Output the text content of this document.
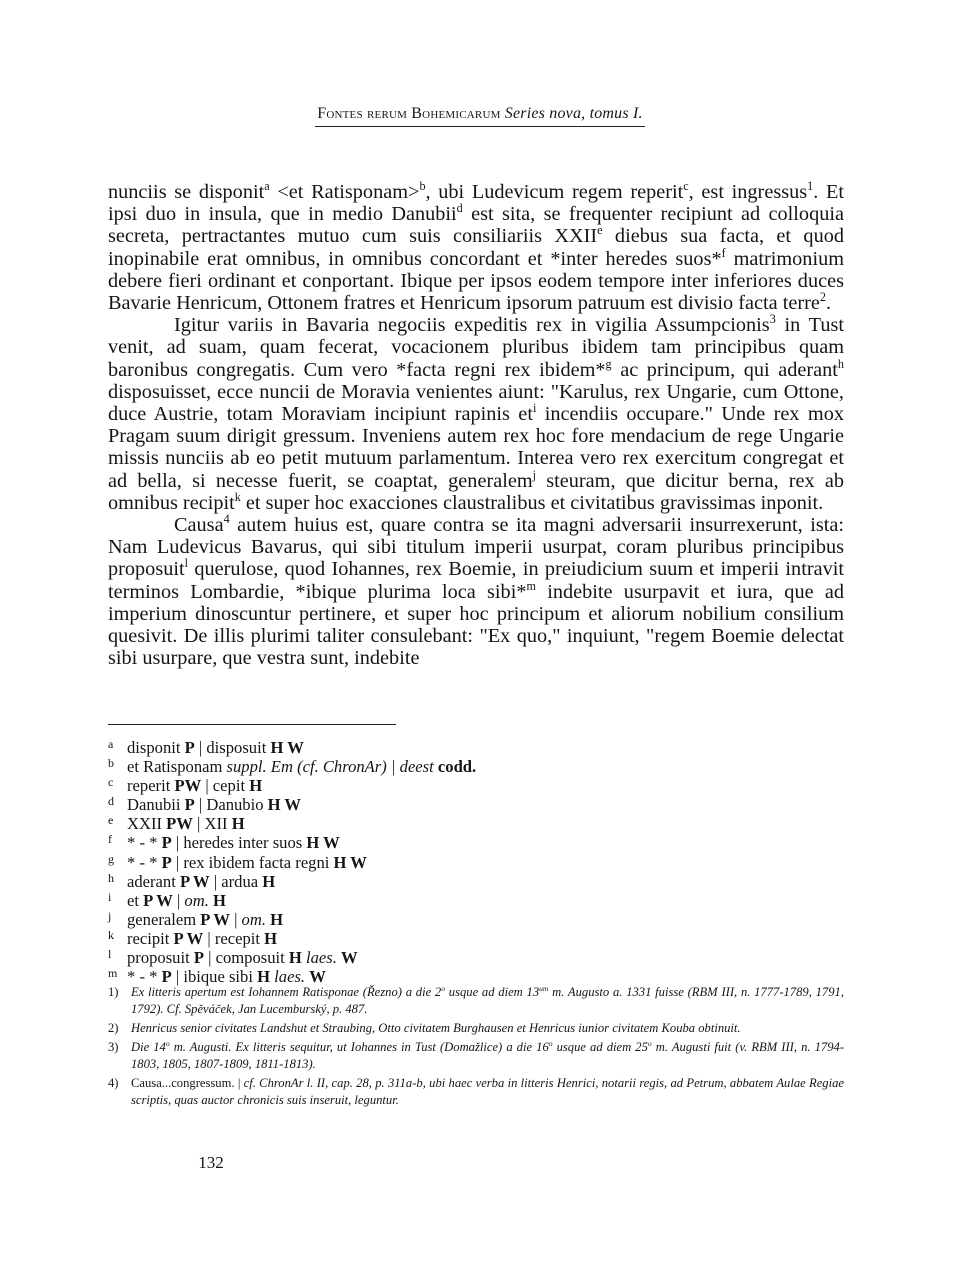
Fontes rerum Bohemicarum Series nova, tomus I.

nunciis se disponit$^a$ <et Ratisponam>$^b$, ubi Ludevicum regem reperit$^c$, est ingressus$^1$. Et ipsi duo in insula, que in medio Danubii$^d$ est sita, se frequenter recipiunt ad colloquia secreta, pertractantes mutuo cum suis consiliariis XXIIe diebus sua facta, et quod inopinabile erat omnibus, in omnibus concordant et *inter heredes suos*$^f$ matrimonium debere fieri ordinant et conportant. Ibique per ipsos eodem tempore inter inferiores duces Bavarie Henricum, Ottonem fratres et Henricum ipsorum patruum est divisio facta terre$^2$.

Igitur variis in Bavaria negociis expeditis rex in vigilia Assumpcionis$^3$ in Tust venit, ad suam, quam fecerat, vocacionem pluribus ibidem tam principibus quam baronibus congregatis. Cum vero *facta regni rex ibidem*$^g$ ac principum, qui aderant$^h$ disposuisset, ecce nuncii de Moravia venientes aiunt: "Karulus, rex Ungarie, cum Ottone, duce Austrie, totam Moraviam incipiunt rapinis $et^i$ incendiis occupare." Unde rex mox Pragam suum dirigit gressum. Inveniens autem rex hoc fore mendacium de rege Ungarie missis nunciis ab eo petit mutuum parlamentum. Interea vero rex exercitum congregat et ad bella, si necesse fuerit, se coaptat, generalem$^j$ steuram, que dicitur berna, rex ab omnibus recipit$^k$ et super hoc exacciones claustralibus et civitatibus gravissimas inponit.

Causa$^4$ autem huius est, quare contra se ita magni adversarii insurrexerunt, ista: Nam Ludevicus Bavarus, qui sibi titulum imperii usurpat, coram pluribus principibus proposuit$^l$ querulose, quod Iohannes, rex Boemie, in preiudicium suum et imperii intravit terminos Lombardie, *ibique plurima loca sibi*$^m$ indebite usurpavit et iura, que ad imperium dinoscuntur pertinere, et super hoc principum et aliorum nobilium consilium quesivit. De illis plurimi taliter consulebant: "Ex quo," inquiunt, "regem Boemie delectat sibi usurpare, que vestra sunt, indebite

a disponit P | disposuit H W
b et Ratisponam suppl. Em (cf. ChronAr) | deest codd.
c reperit PW | cepit H
d Danubii P | Danubio H W
e XXII PW | XII H
f * - * P | heredes inter suos H W
g * - * P | rex ibidem facta regni H W
h aderant P W | ardua H
i et P W | om. H
j generalem P W | om. H
k recipit P W | recepit H
l proposuit P | composuit H laes. W
m * - * P | ibique sibi H laes. W
1) Ex litteris apertum est Iohannem Ratisponae (Řezno) a die 2$^o$ usque ad diem $13^{um}$ m. Augusto a. 1331 fuisse (RBM III, n. 1777-1789, 1791, 1792). Cf. Spěváček, Jan Lucemburský, p. 487.
2) Henricus senior civitates Landshut et Straubing, Otto civitatem Burghausen et Henricus iunior civitatem Kouba obtinuit.
3) Die 14$^o$ m. Augusti. Ex litteris sequitur, ut Iohannes in Tust (Domažlice) a die 16$^o$ usque ad diem 25$^o$ m. Augusti fuit (v. RBM III, n. 1794-1803, 1805, 1807-1809, 1811-1813).
4) Causa...congressum. | cf. ChronAr l. II, cap. 28, p. 311a-b, ubi haec verba in litteris Henrici, notarii regis, ad Petrum, abbatem Aulae Regiae scriptis, quas auctor chronicis suis inseruit, leguntur.
132
